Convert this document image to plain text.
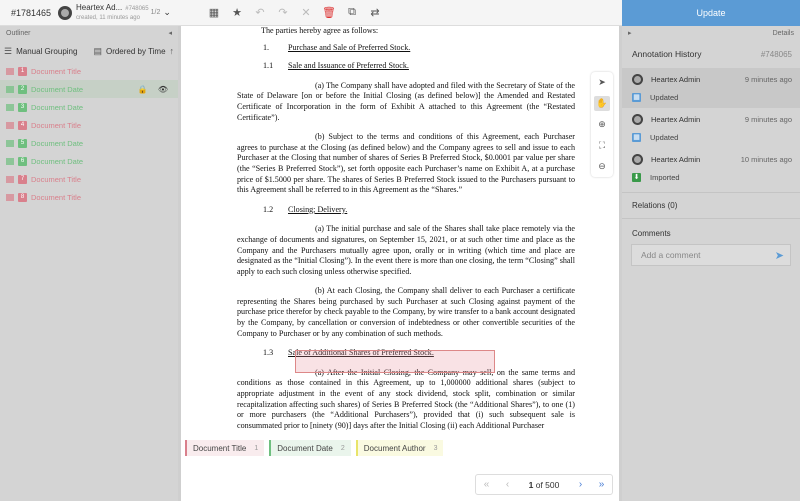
#1781465
Heartex Ad... #748065
created, 11 minutes ago
1/2 ⌄	▦ ★ ↶ ↷ ✕ 🗑 ⧉ ⇄
Outliner	◂
☰ Manual Grouping ▤ Ordered by Time ↑
1 Document Title
2 Document Date	🔒 👁
3 Document Date
4 Document Title
5 Document Date
6 Document Date
7 Document Title
8 Document Title

The parties hereby agree as follows:

1. Purchase and Sale of Preferred Stock.

1.1 Sale and Issuance of Preferred Stock.

(a) The Company shall have adopted and filed with the Secretary of State of the State of Delaware [on or before the Initial Closing (as defined below)] the Amended and Restated Certificate of Incorporation in the form of Exhibit A attached to this Agreement (the “Restated Certificate”).

(b) Subject to the terms and conditions of this Agreement, each Purchaser agrees to purchase at the Closing (as defined below) and the Company agrees to sell and issue to each Purchaser at the Closing that number of shares of Series B Preferred Stock, $0.0001 par value per share (the “Series B Preferred Stock”), set forth opposite each Purchaser’s name on Exhibit A, at a purchase price of $1.5000 per share. The shares of Series B Preferred Stock issued to the Purchasers pursuant to this Agreement shall be referred to in this Agreement as the “Shares.”

1.2 Closing; Delivery.

(a) The initial purchase and sale of the Shares shall take place remotely via the exchange of documents and signatures, on September 15, 2021, or at such other time and place as the Company and the Purchasers mutually agree upon, orally or in writing (which time and place are designated as the “Initial Closing”). In the event there is more than one closing, the term “Closing” shall apply to each such closing unless otherwise specified.

(b) At each Closing, the Company shall deliver to each Purchaser a certificate representing the Shares being purchased by such Purchaser at such Closing against payment of the purchase price therefor by check payable to the Company, by wire transfer to a bank account designated by the Company, by cancellation or conversion of indebtedness or other convertible securities of the Company to Purchaser or by any combination of such methods.

1.3 Sale of Additional Shares of Preferred Stock.

(a) After the Initial Closing, the Company may sell, on the same terms and conditions as those contained in this Agreement, up to 1,000000 additional shares (subject to appropriate adjustment in the event of any stock dividend, stock split, combination or similar recapitalization affecting such shares) of Series B Preferred Stock (the “Additional Shares”), to one (1) or more purchasers (the “Additional Purchasers”), provided that (i) such subsequent sale is consummated prior to [ninety (90)] days after the Initial Closing (ii) each Additional Purchaser

➤
✋
⊕
⛶
⊖
Document Title 1 Document Date 2 Document Author 3
«	‹	1 of 500	›	»
Update
▸	Details
Annotation History	#748065
Heartex Admin	9 minutes ago
▦ Updated
Heartex Admin	9 minutes ago
▦ Updated
Heartex Admin	10 minutes ago
⬇ Imported
Relations (0)
Comments
Add a comment	➤
